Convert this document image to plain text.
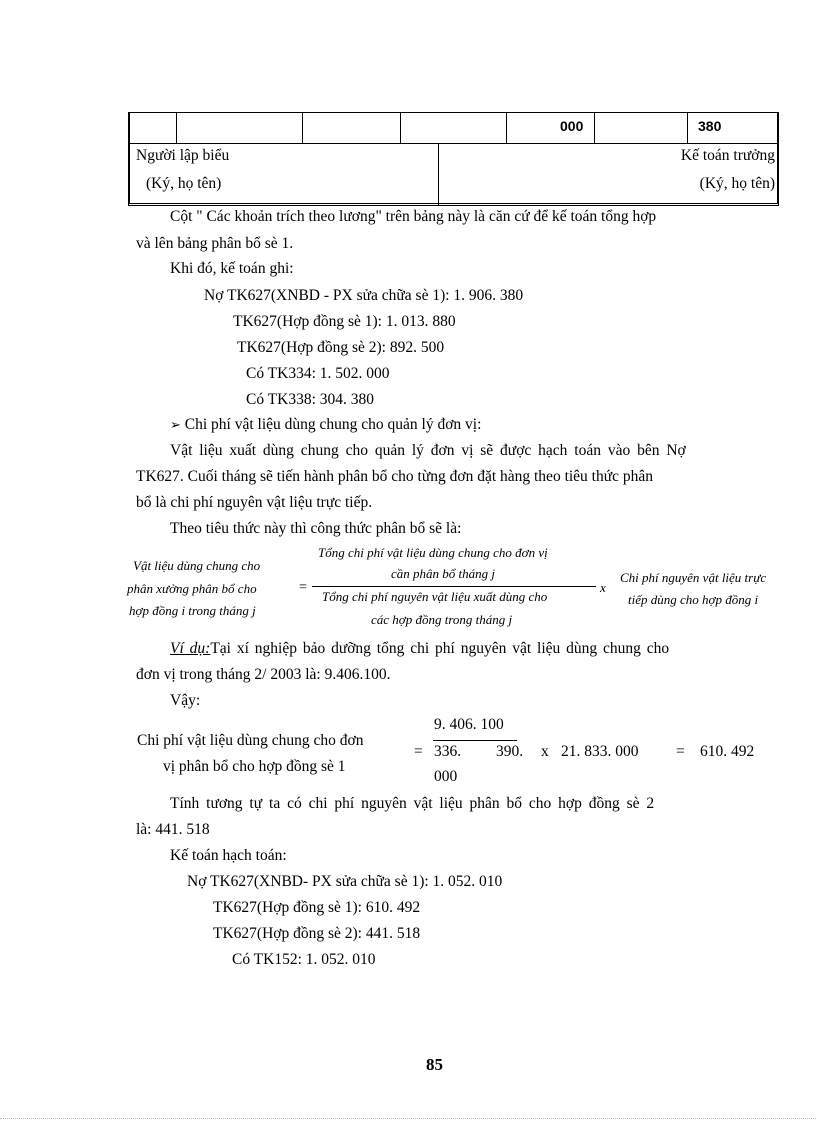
000	380
Người lập biểu
(Ký, họ tên)
Kế toán trưởng
(Ký, họ tên)
Cột " Các khoản trích theo lương" trên bảng này là căn cứ để kế toán tổng hợp
và lên bảng phân bổ sè 1.
Khi đó, kế toán ghi:
Nợ TK627(XNBD - PX sửa chữa sè 1): 1. 906. 380
TK627(Hợp đồng sè 1): 1. 013. 880
TK627(Hợp đồng sè 2): 892. 500
Có TK334: 1. 502. 000
Có TK338: 304. 380
➢ Chi phí vật liệu dùng chung cho quản lý đơn vị:
Vật liệu xuất dùng chung cho quản lý đơn vị sẽ được hạch toán vào bên Nợ
TK627. Cuối tháng sẽ tiến hành phân bổ cho từng đơn đặt hàng theo tiêu thức phân
bổ là chi phí nguyên vật liệu trực tiếp.
Theo tiêu thức này thì công thức phân bổ sẽ là:
Vật liệu dùng chung cho
phân xưởng phân bổ cho
hợp đồng i trong tháng j
=
Tổng chi phí vật liệu dùng chung cho đơn vị
cần phân bổ tháng j
Tổng chi phí nguyên vật liệu xuất dùng cho
các hợp đồng trong tháng j
x
Chi phí nguyên vật liệu trực
tiếp dùng cho hợp đồng i
Ví dụ:Tại xí nghiệp bảo dưỡng tổng chi phí nguyên vật liệu dùng chung cho
đơn vị trong tháng 2/ 2003 là: 9.406.100.
Vậy:
Chi phí vật liệu dùng chung cho đơn
vị phân bổ cho hợp đồng sè 1
9. 406. 100
= 336. 390.
000
x 21. 833. 000 = 610. 492
Tính tương tự ta có chi phí nguyên vật liệu phân bổ cho hợp đồng sè 2
là: 441. 518
Kế toán hạch toán:
Nợ TK627(XNBD- PX sửa chữa sè 1): 1. 052. 010
TK627(Hợp đồng sè 1): 610. 492
TK627(Hợp đồng sè 2): 441. 518
Có TK152: 1. 052. 010
85
